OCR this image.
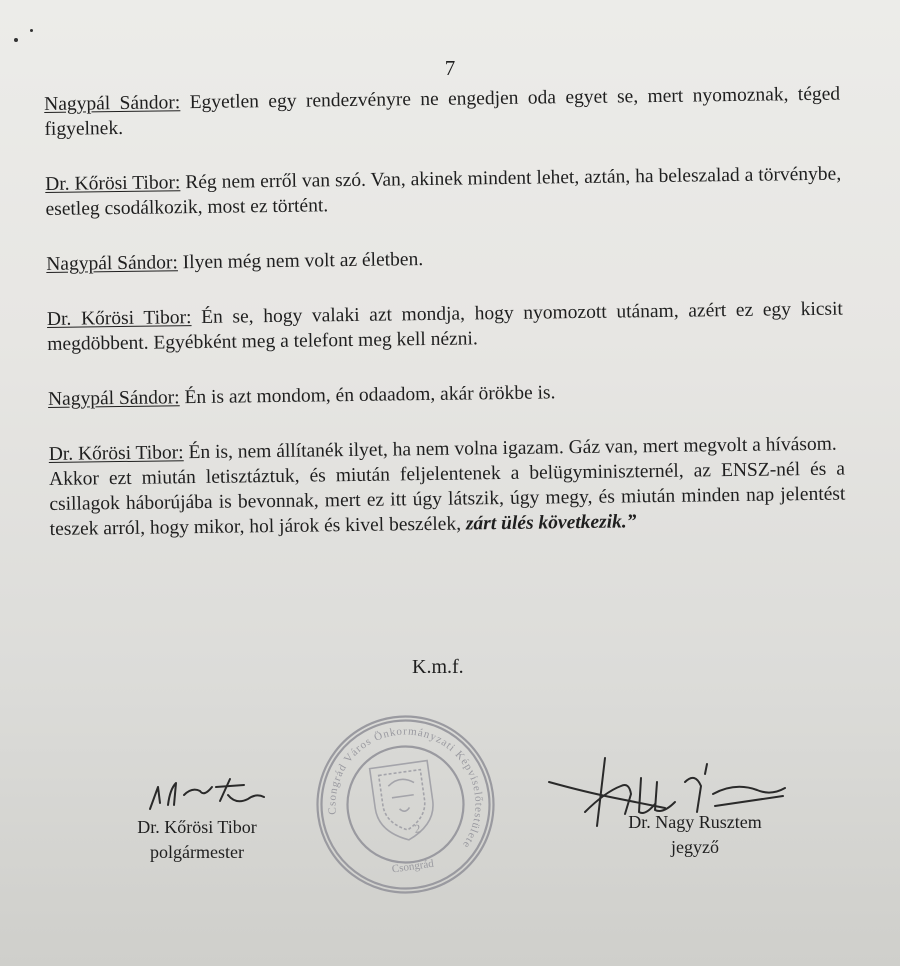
7

Nagypál Sándor: Egyetlen egy rendezvényre ne engedjen oda egyet se, mert nyomoznak, téged figyelnek.

Dr. Kőrösi Tibor: Rég nem erről van szó. Van, akinek mindent lehet, aztán, ha beleszalad a törvénybe, esetleg csodálkozik, most ez történt.

Nagypál Sándor: Ilyen még nem volt az életben.

Dr. Kőrösi Tibor: Én se, hogy valaki azt mondja, hogy nyomozott utánam, azért ez egy kicsit megdöbbent. Egyébként meg a telefont meg kell nézni.

Nagypál Sándor: Én is azt mondom, én odaadom, akár örökbe is.

Dr. Kőrösi Tibor: Én is, nem állítanék ilyet, ha nem volna igazam. Gáz van, mert megvolt a hívásom.

Akkor ezt miután letisztáztuk, és miután feljelentenek a belügyminiszternél, az ENSZ-nél és a csillagok háborújába is bevonnak, mert ez itt úgy látszik, úgy megy, és miután minden nap jelentést teszek arról, hogy mikor, hol járok és kivel beszélek, zárt ülés következik.”

K.m.f.
Dr. Kőrösi Tibor
polgármester
Csongrád Város Önkormányzati Képviselőtestülete
2
Csongrád
Dr. Nagy Rusztem
jegyző
